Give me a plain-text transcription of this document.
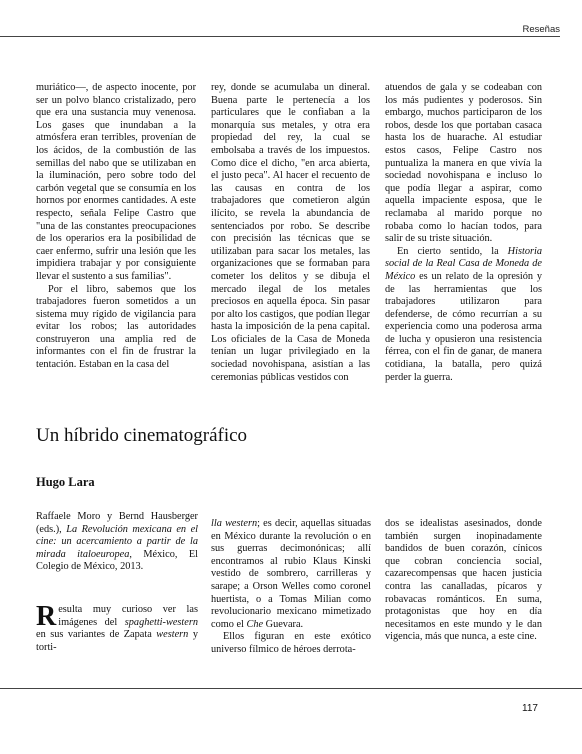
Reseñas

muriático—, de aspecto inocente, por ser un polvo blanco cristalizado, pero que era una sustancia muy venenosa. Los gases que inundaban a la atmósfera eran terribles, provenían de los ácidos, de la combustión de las semillas del nabo que se utilizaban en la iluminación, pero sobre todo del carbón vegetal que se consumía en los hornos por enormes cantidades. A este respecto, señala Felipe Castro que "una de las constantes preocupaciones de los operarios era la posibilidad de caer enfermo, sufrir una lesión que les impidiera trabajar y por consiguiente llevar el sustento a sus familias".

Por el libro, sabemos que los trabajadores fueron sometidos a un sistema muy rígido de vigilancia para evitar los robos; las autoridades construyeron una amplia red de informantes con el fin de frustrar la tentación. Estaban en la casa del

rey, donde se acumulaba un dineral. Buena parte le pertenecía a los particulares que le confiaban a la monarquía sus metales, y otra era propiedad del rey, la cual se embolsaba a través de los impuestos. Como dice el dicho, "en arca abierta, el justo peca". Al hacer el recuento de las causas en contra de los trabajadores que cometieron algún ilícito, se revela la abundancia de sentenciados por robo. Se describe con precisión las técnicas que se utilizaban para sacar los metales, las organizaciones que se formaban para cometer los delitos y se dibuja el mercado ilegal de los metales preciosos en aquella época. Sin pasar por alto los castigos, que podían llegar hasta la imposición de la pena capital. Los oficiales de la Casa de Moneda tenían un lugar privilegiado en la sociedad novohispana, asistían a las ceremonias públicas vestidos con

atuendos de gala y se codeaban con los más pudientes y poderosos. Sin embargo, muchos participaron de los robos, desde los que portaban casaca hasta los de huarache. Al estudiar estos casos, Felipe Castro nos puntualiza la manera en que vivía la sociedad novohispana e incluso lo que podía llegar a aspirar, como aquella impaciente esposa, que le reclamaba al marido porque no robaba como lo hacían todos, para salir de su triste situación.

En cierto sentido, la Historia social de la Real Casa de Moneda de México es un relato de la opresión y de las herramientas que los trabajadores utilizaron para defenderse, de cómo recurrían a su experiencia como una poderosa arma de lucha y opusieron una resistencia férrea, con el fin de ganar, de manera cotidiana, la batalla, pero quizá perder la guerra.

Un híbrido cinematográfico
Hugo Lara

Raffaele Moro y Bernd Hausberger (eds.), La Revolución mexicana en el cine: un acercamiento a partir de la mirada italoeuropea, México, El Colegio de México, 2013.

Resulta muy curioso ver las imágenes del spaghetti-western en sus variantes de Zapata western y torti-

lla western; es decir, aquellas situadas en México durante la revolución o en sus guerras decimonónicas; allí encontramos al rubio Klaus Kinski vestido de sombrero, carrilleras y sarape; a Orson Welles como coronel huertista, o a Tomas Milian como revolucionario mexicano mimetizado como el Che Guevara.

Ellos figuran en este exótico universo fílmico de héroes derrota-

dos se idealistas asesinados, donde también surgen inopinadamente bandidos de buen corazón, cínicos que cobran conciencia social, cazarecompensas que hacen justicia contra las canalladas, pícaros y robavacas románticos. En suma, protagonistas que hoy en día necesitamos en este mundo y le dan vigencia, más que nunca, a este cine.

117
